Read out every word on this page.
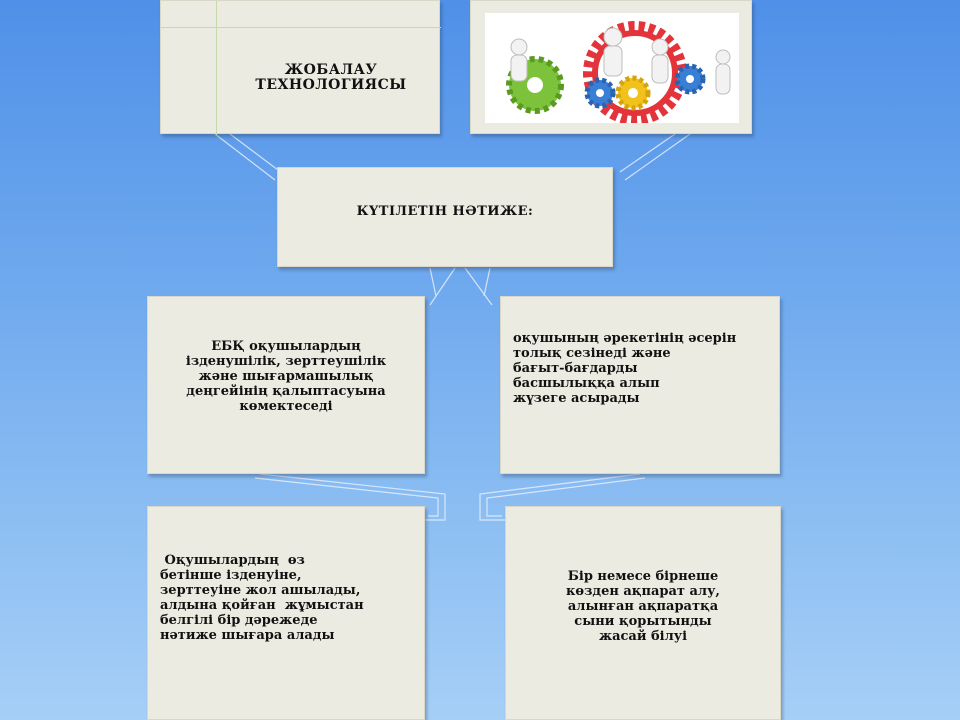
ЖОБАЛАУ
ТЕХНОЛОГИЯСЫ
КҮТІЛЕТІН НӘТИЖЕ:
ЕБҚ оқушылардың
ізденушілік, зерттеушілік
және шығармашылық
деңгейінің қалыптасуына
көмектеседі
оқушының әрекетінің әсерін
толық сезінеді және
бағыт-бағдарды
басшылыққа алып
жүзеге асырады
Оқушылардың  өз
бетінше ізденуіне,
зерттеуіне жол ашылады,
алдына қойған  жұмыстан
белгілі бір дәрежеде
нәтиже шығара алады
Бір немесе бірнеше
көзден ақпарат алу,
алынған ақпаратқа
сыни қорытынды
жасай білуі
